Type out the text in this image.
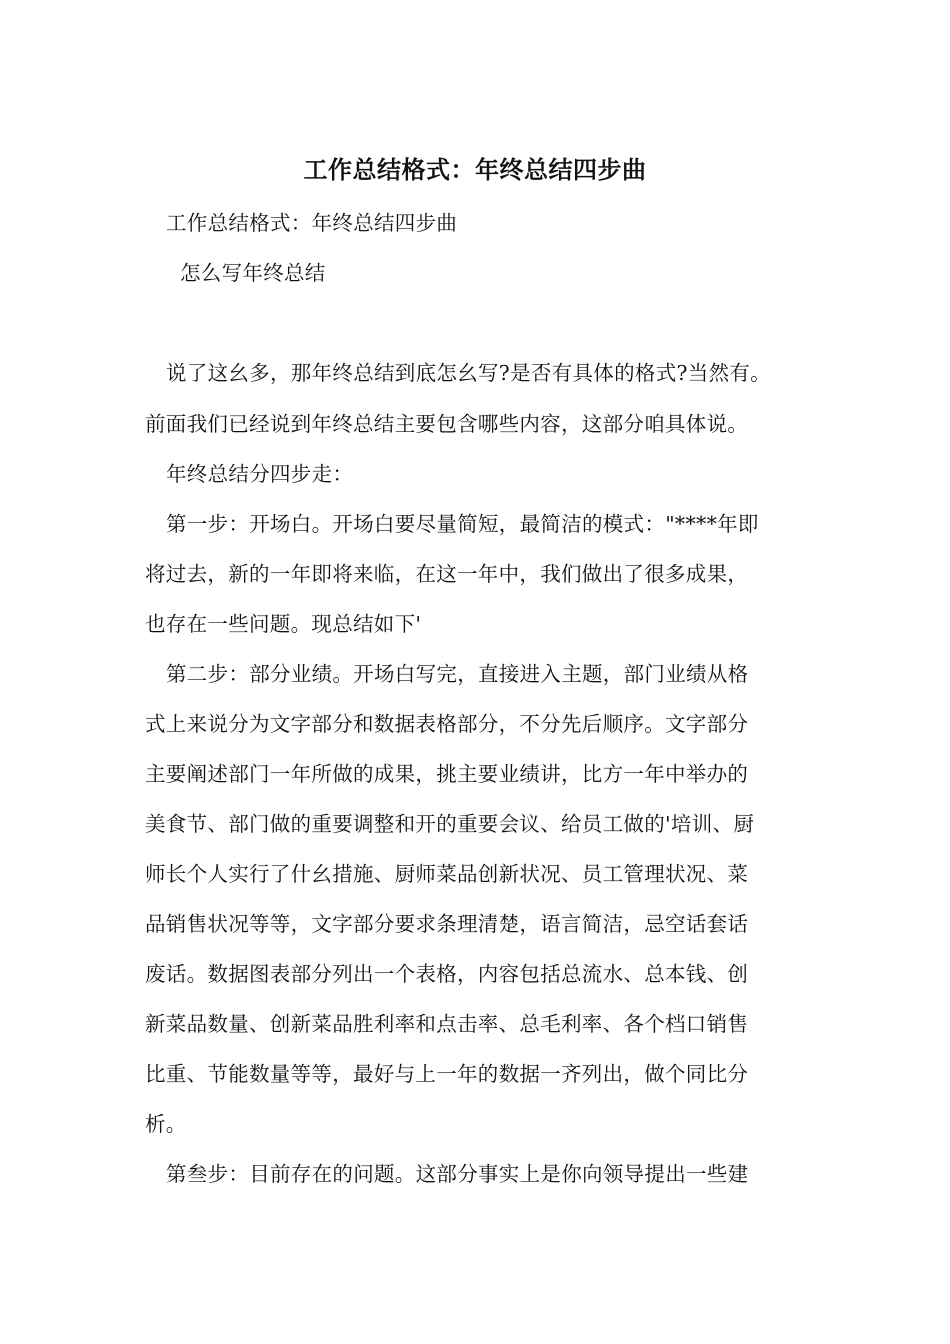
工作总结格式：年终总结四步曲
工作总结格式：年终总结四步曲
怎么写年终总结
说了这幺多，那年终总结到底怎幺写?是否有具体的格式?当然有。
前面我们已经说到年终总结主要包含哪些内容，这部分咱具体说。
年终总结分四步走：
第一步：开场白。开场白要尽量简短，最简洁的模式："****年即
将过去，新的一年即将来临，在这一年中，我们做出了很多成果，
也存在一些问题。现总结如下'
第二步：部分业绩。开场白写完，直接进入主题，部门业绩从格
式上来说分为文字部分和数据表格部分，不分先后顺序。文字部分
主要阐述部门一年所做的成果，挑主要业绩讲，比方一年中举办的
美食节、部门做的重要调整和开的重要会议、给员工做的'培训、厨
师长个人实行了什幺措施、厨师菜品创新状况、员工管理状况、菜
品销售状况等等，文字部分要求条理清楚，语言简洁，忌空话套话
废话。数据图表部分列出一个表格，内容包括总流水、总本钱、创
新菜品数量、创新菜品胜利率和点击率、总毛利率、各个档口销售
比重、节能数量等等，最好与上一年的数据一齐列出，做个同比分
析。
第叁步：目前存在的问题。这部分事实上是你向领导提出一些建
